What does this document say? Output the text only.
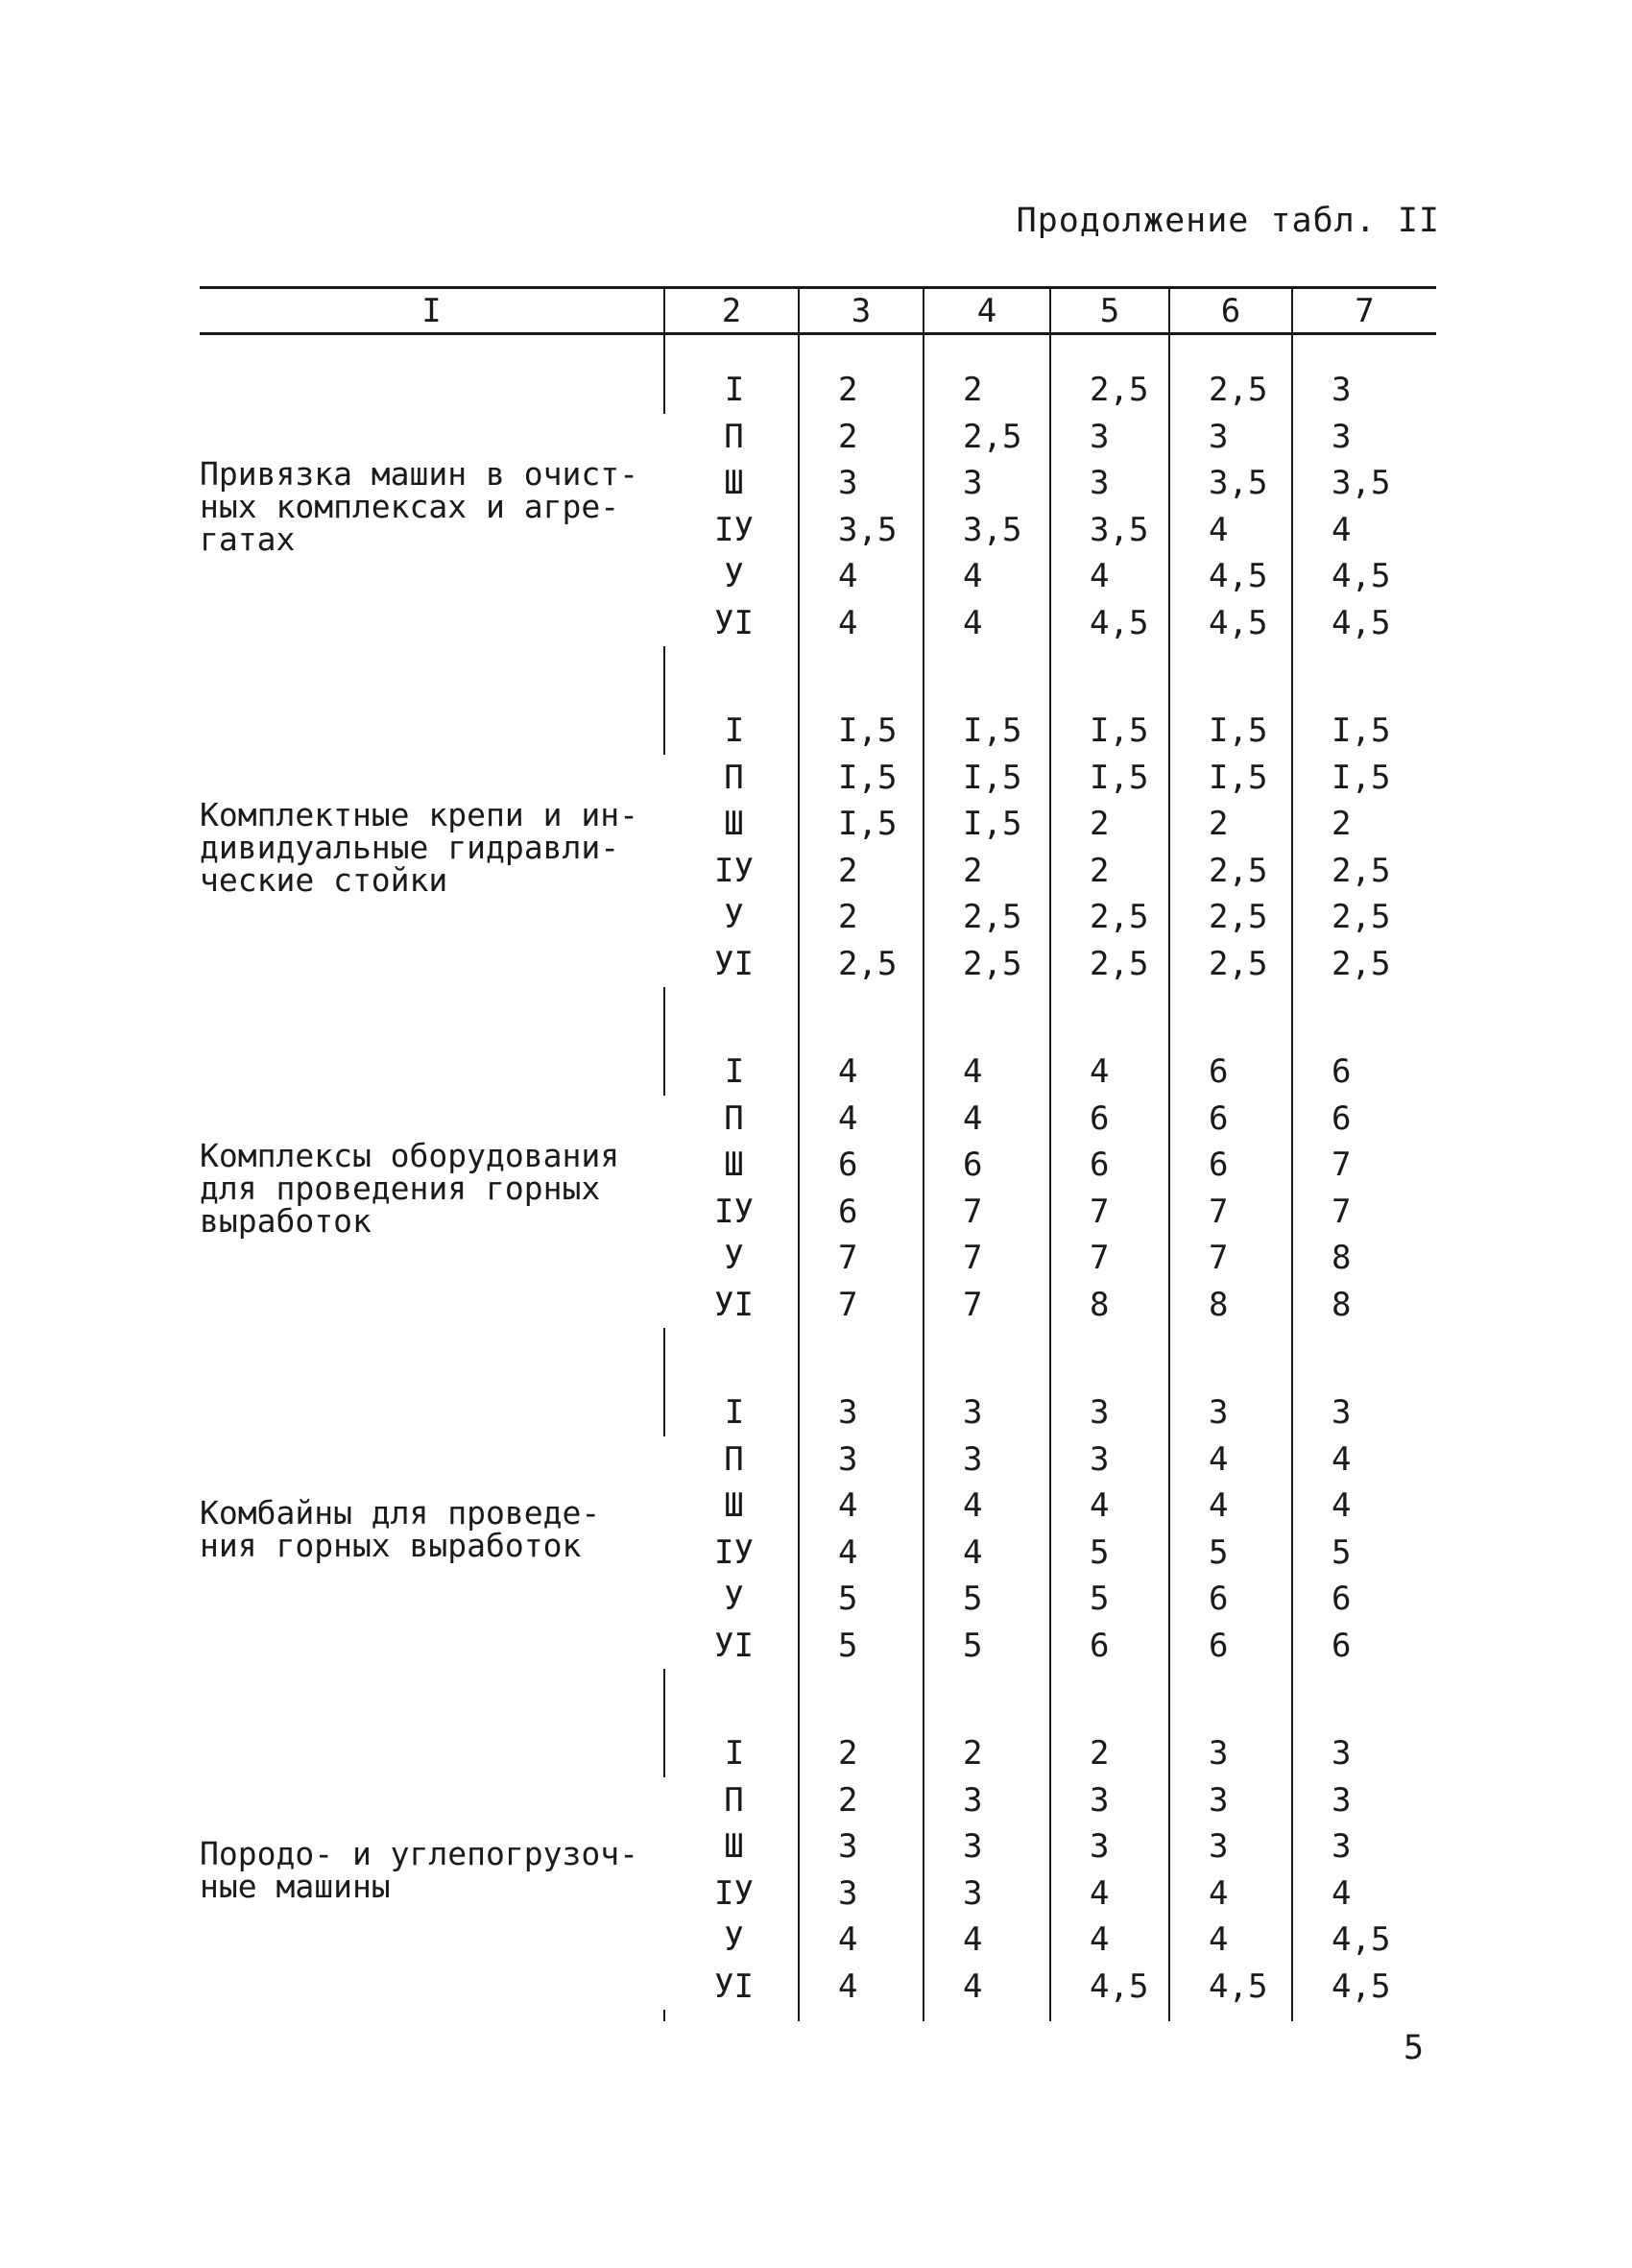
Продолжение табл. II
I	2	3	4	5	6	7

Привязка машин в очист-
ных комплексах и агре-
гатах	I	2	2	2,5	2,5	3
	П	2	2,5	3	3	3
	Ш	3	3	3	3,5	3,5
	IУ	3,5	3,5	3,5	4	4
	У	4	4	4	4,5	4,5
	УI	4	4	4,5	4,5	4,5

Комплектные крепи и ин-
дивидуальные гидравли-
ческие стойки	I	I,5	I,5	I,5	I,5	I,5
	П	I,5	I,5	I,5	I,5	I,5
	Ш	I,5	I,5	2	2	2
	IУ	2	2	2	2,5	2,5
	У	2	2,5	2,5	2,5	2,5
	УI	2,5	2,5	2,5	2,5	2,5

Комплексы оборудования
для проведения горных
выработок	I	4	4	4	6	6
	П	4	4	6	6	6
	Ш	6	6	6	6	7
	IУ	6	7	7	7	7
	У	7	7	7	7	8
	УI	7	7	8	8	8

Комбайны для проведе-
ния горных выработок	I	3	3	3	3	3
	П	3	3	3	4	4
	Ш	4	4	4	4	4
	IУ	4	4	5	5	5
	У	5	5	5	6	6
	УI	5	5	6	6	6

Породо- и углепогрузоч-
ные машины	I	2	2	2	3	3
	П	2	3	3	3	3
	Ш	3	3	3	3	3
	IУ	3	3	4	4	4
	У	4	4	4	4	4,5
	УI	4	4	4,5	4,5	4,5

5
